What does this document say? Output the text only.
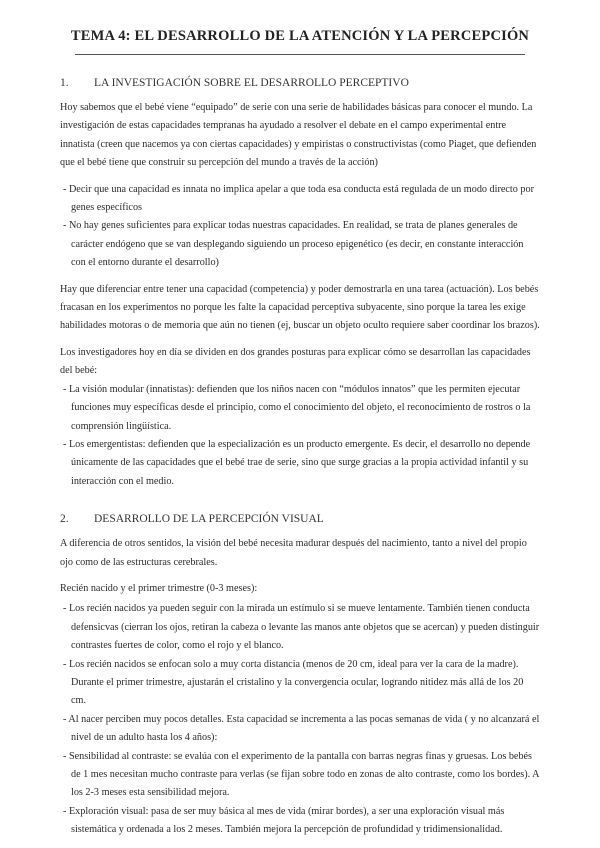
TEMA 4: EL DESARROLLO DE LA ATENCIÓN Y LA PERCEPCIÓN
1.	LA INVESTIGACIÓN SOBRE EL DESARROLLO PERCEPTIVO

Hoy sabemos que el bebé viene “equipado” de serie con una serie de habilidades básicas para conocer el mundo. La investigación de estas capacidades tempranas ha ayudado a resolver el debate en el campo experimental entre innatista (creen que nacemos ya con ciertas capacidades) y empiristas o constructivistas (como Piaget, que defienden que el bebé tiene que construir su percepción del mundo a través de la acción)

- Decir que una capacidad es innata no implica apelar a que toda esa conducta está regulada de un modo directo por genes específicos
- No hay genes suficientes para explicar todas nuestras capacidades. En realidad, se trata de planes generales de carácter endógeno que se van desplegando siguiendo un proceso epigenético (es decir, en constante interacción con el entorno durante el desarrollo)

Hay que diferenciar entre tener una capacidad (competencia) y poder demostrarla en una tarea (actuación). Los bebés fracasan en los experimentos no porque les falte la capacidad perceptiva subyacente, sino porque la tarea les exige habilidades motoras o de memoria que aún no tienen (ej, buscar un objeto oculto requiere saber coordinar los brazos).

Los investigadores hoy en día se dividen en dos grandes posturas para explicar cómo se desarrollan las capacidades del bebé:

- La visión modular (innatistas): defienden que los niños nacen con “módulos innatos” que les permiten ejecutar funciones muy específicas desde el principio, como el conocimiento del objeto, el reconocimiento de rostros o la comprensión lingüística.
- Los emergentistas: defienden que la especialización es un producto emergente. Es decir, el desarrollo no depende únicamente de las capacidades que el bebé trae de serie, sino que surge gracias a la propia actividad infantil y su interacción con el medio.
2.	DESARROLLO DE LA PERCEPCIÓN VISUAL

A diferencia de otros sentidos, la visión del bebé necesita madurar después del nacimiento, tanto a nivel del propio ojo como de las estructuras cerebrales.

Recién nacido y el primer trimestre (0-3 meses):
- Los recién nacidos ya pueden seguir con la mirada un estímulo si se mueve lentamente. También tienen conducta defensicvas (cierran los ojos, retiran la cabeza o levante las manos ante objetos que se acercan) y pueden distinguir contrastes fuertes de color, como el rojo y el blanco.
- Los recién nacidos se enfocan solo a muy corta distancia (menos de 20 cm, ideal para ver la cara de la madre). Durante el primer trimestre, ajustarán el cristalino y la convergencia ocular, logrando nitidez más allá de los 20 cm.
- Al nacer perciben muy pocos detalles. Esta capacidad se incrementa a las pocas semanas de vida ( y no alcanzará el nivel de un adulto hasta los 4 años):
- Sensibilidad al contraste: se evalúa con el experimento de la pantalla con barras negras finas y gruesas. Los bebés de 1 mes necesitan mucho contraste para verlas (se fijan sobre todo en zonas de alto contraste, como los bordes). A los 2-3 meses esta sensibilidad mejora.
- Exploración visual: pasa de ser muy básica al mes de vida (mirar bordes), a ser una exploración visual más sistemática y ordenada a los 2 meses. También mejora la percepción de profundidad y tridimensionalidad.
